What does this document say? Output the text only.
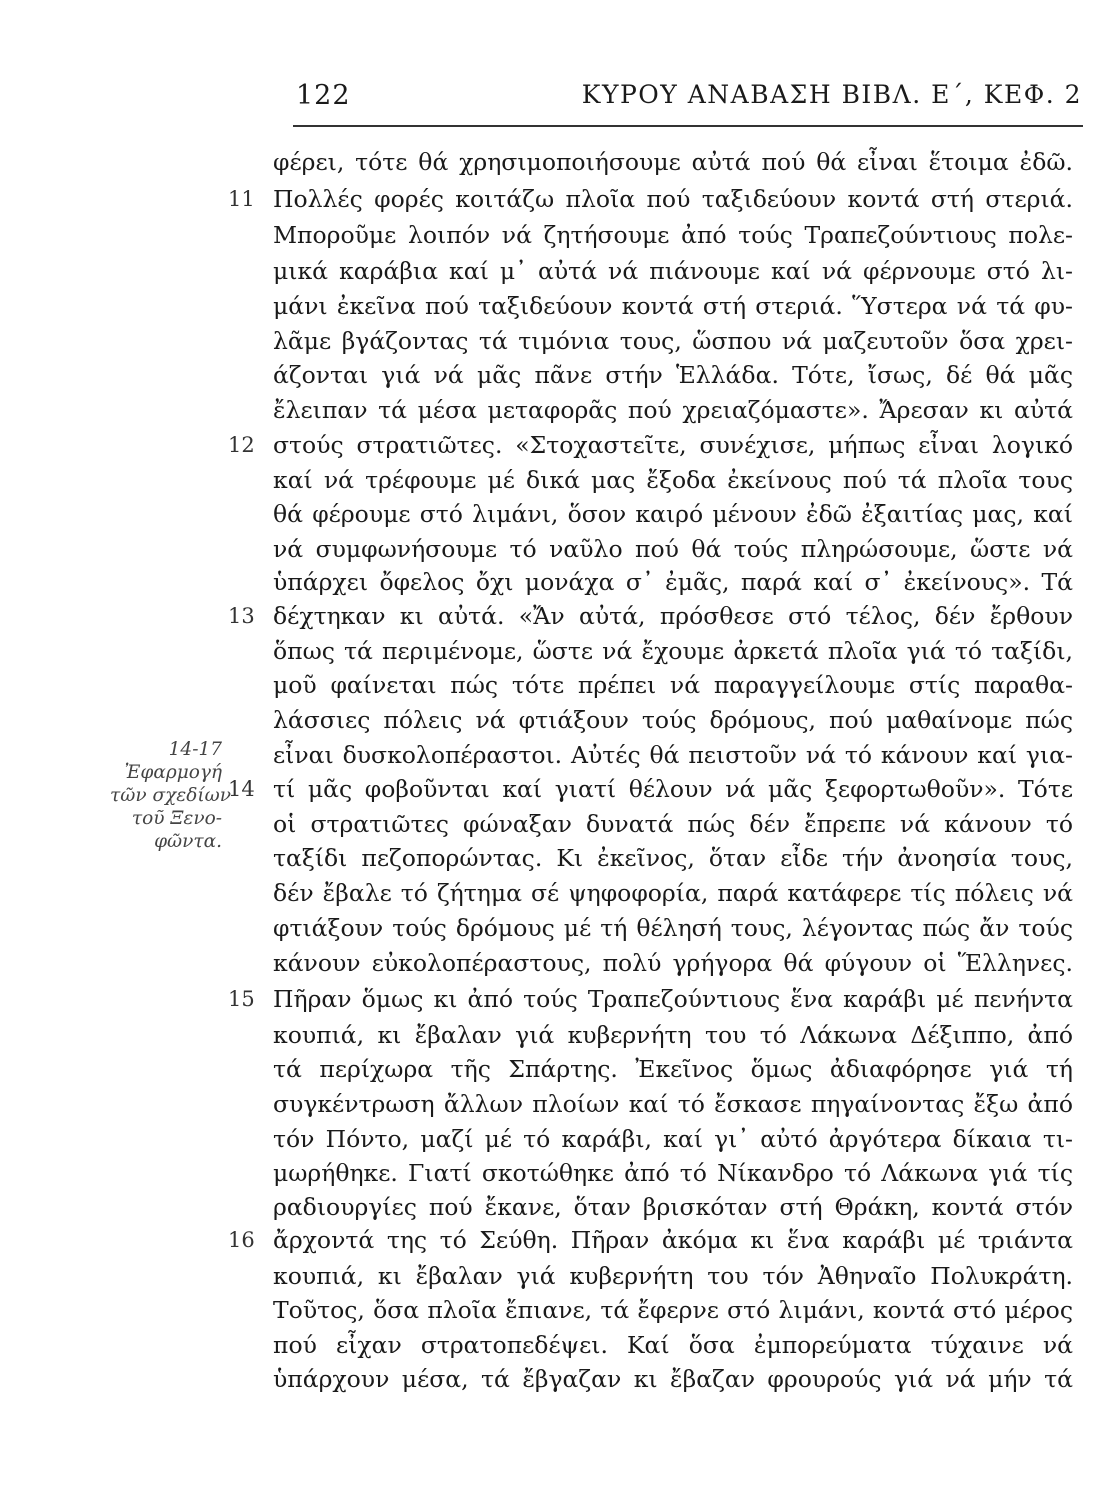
122	ΚΥΡΟΥ ΑΝΑΒΑΣΗ ΒΙΒΛ. Ε΄, ΚΕΦ. 2
11
12
13
14
15
16
14-17
Ἐφαρμογή
τῶν σχεδίων
τοῦ Ξενο-
φῶντα.
φέρει, τότε θά χρησιμοποιήσουμε αὐτά πού θά εἶναι ἕτοιμα ἐδῶ.
Πολλές φορές κοιτάζω πλοῖα πού ταξιδεύουν κοντά στή στεριά.
Μποροῦμε λοιπόν νά ζητήσουμε ἀπό τούς Τραπεζούντιους πολε-
μικά καράβια καί μ᾽ αὐτά νά πιάνουμε καί νά φέρνουμε στό λι-
μάνι ἐκεῖνα πού ταξιδεύουν κοντά στή στεριά. Ὕστερα νά τά φυ-
λᾶμε βγάζοντας τά τιμόνια τους, ὥσπου νά μαζευτοῦν ὅσα χρει-
άζονται γιά νά μᾶς πᾶνε στήν Ἑλλάδα. Τότε, ἴσως, δέ θά μᾶς
ἔλειπαν τά μέσα μεταφορᾶς πού χρειαζόμαστε». Ἄρεσαν κι αὐτά
στούς στρατιῶτες. «Στοχαστεῖτε, συνέχισε, μήπως εἶναι λογικό
καί νά τρέφουμε μέ δικά μας ἔξοδα ἐκείνους πού τά πλοῖα τους
θά φέρουμε στό λιμάνι, ὅσον καιρό μένουν ἐδῶ ἐξαιτίας μας, καί
νά συμφωνήσουμε τό ναῦλο πού θά τούς πληρώσουμε, ὥστε νά
ὑπάρχει ὄφελος ὄχι μονάχα σ᾽ ἐμᾶς, παρά καί σ᾽ ἐκείνους». Τά
δέχτηκαν κι αὐτά. «Ἄν αὐτά, πρόσθεσε στό τέλος, δέν ἔρθουν
ὅπως τά περιμένομε, ὥστε νά ἔχουμε ἀρκετά πλοῖα γιά τό ταξίδι,
μοῦ φαίνεται πώς τότε πρέπει νά παραγγείλουμε στίς παραθα-
λάσσιες πόλεις νά φτιάξουν τούς δρόμους, πού μαθαίνομε πώς
εἶναι δυσκολοπέραστοι. Αὐτές θά πειστοῦν νά τό κάνουν καί για-
τί μᾶς φοβοῦνται καί γιατί θέλουν νά μᾶς ξεφορτωθοῦν». Τότε
οἱ στρατιῶτες φώναξαν δυνατά πώς δέν ἔπρεπε νά κάνουν τό
ταξίδι πεζοπορώντας. Κι ἐκεῖνος, ὅταν εἶδε τήν ἀνοησία τους,
δέν ἔβαλε τό ζήτημα σέ ψηφοφορία, παρά κατάφερε τίς πόλεις νά
φτιάξουν τούς δρόμους μέ τή θέλησή τους, λέγοντας πώς ἄν τούς
κάνουν εὐκολοπέραστους, πολύ γρήγορα θά φύγουν οἱ Ἕλληνες.
Πῆραν ὅμως κι ἀπό τούς Τραπεζούντιους ἕνα καράβι μέ πενήντα
κουπιά, κι ἔβαλαν γιά κυβερνήτη του τό Λάκωνα Δέξιππο, ἀπό
τά περίχωρα τῆς Σπάρτης. Ἐκεῖνος ὅμως ἀδιαφόρησε γιά τή
συγκέντρωση ἄλλων πλοίων καί τό ἔσκασε πηγαίνοντας ἔξω ἀπό
τόν Πόντο, μαζί μέ τό καράβι, καί γι᾽ αὐτό ἀργότερα δίκαια τι-
μωρήθηκε. Γιατί σκοτώθηκε ἀπό τό Νίκανδρο τό Λάκωνα γιά τίς
ραδιουργίες πού ἔκανε, ὅταν βρισκόταν στή Θράκη, κοντά στόν
ἄρχοντά της τό Σεύθη. Πῆραν ἀκόμα κι ἕνα καράβι μέ τριάντα
κουπιά, κι ἔβαλαν γιά κυβερνήτη του τόν Ἀθηναῖο Πολυκράτη.
Τοῦτος, ὅσα πλοῖα ἔπιανε, τά ἔφερνε στό λιμάνι, κοντά στό μέρος
πού εἶχαν στρατοπεδέψει. Καί ὅσα ἐμπορεύματα τύχαινε νά
ὑπάρχουν μέσα, τά ἔβγαζαν κι ἔβαζαν φρουρούς γιά νά μήν τά
